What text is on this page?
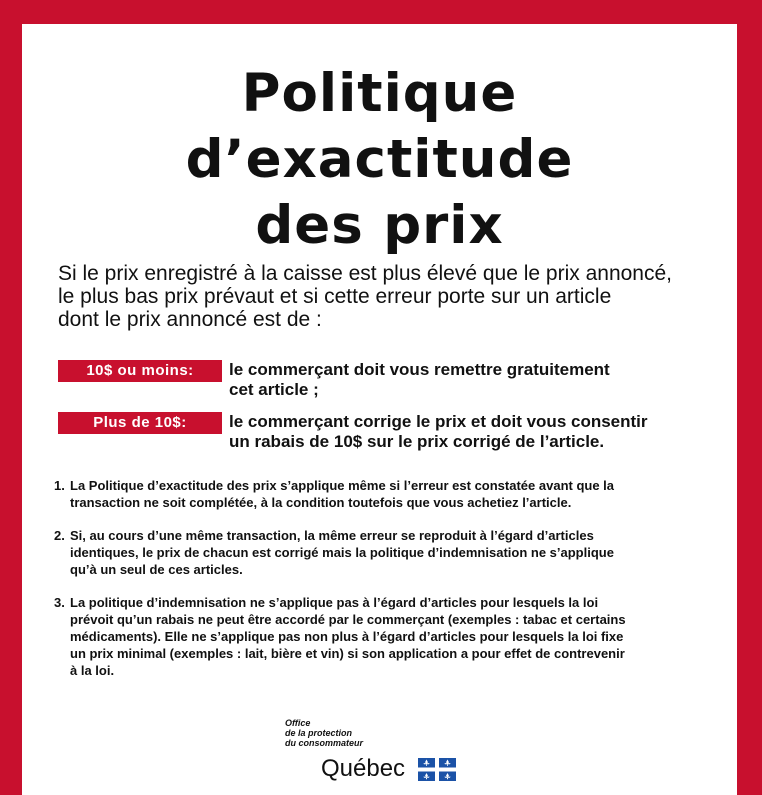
Politique
d’exactitude
des prix

Si le prix enregistré à la caisse est plus élevé que le prix annoncé,
le plus bas prix prévaut et si cette erreur porte sur un article
dont le prix annoncé est de :

10$ ou moins:	le commerçant doit vous remettre gratuitement
cet article ;

Plus de 10$:	le commerçant corrige le prix et doit vous consentir
un rabais de 10$ sur le prix corrigé de l’article.

1. La Politique d’exactitude des prix s’applique même si l’erreur est constatée avant que la
transaction ne soit complétée, à la condition toutefois que vous achetiez l’article.
2. Si, au cours d’une même transaction, la même erreur se reproduit à l’égard d’articles
identiques, le prix de chacun est corrigé mais la politique d’indemnisation ne s’applique
qu’à un seul de ces articles.
3. La politique d’indemnisation ne s’applique pas à l’égard d’articles pour lesquels la loi
prévoit qu’un rabais ne peut être accordé par le commerçant (exemples : tabac et certains
médicaments). Elle ne s’applique pas non plus à l’égard d’articles pour lesquels la loi fixe
un prix minimal (exemples : lait, bière et vin) si son application a pour effet de contrevenir
à la loi.
Office
de la protection
du consommateur
Québec
